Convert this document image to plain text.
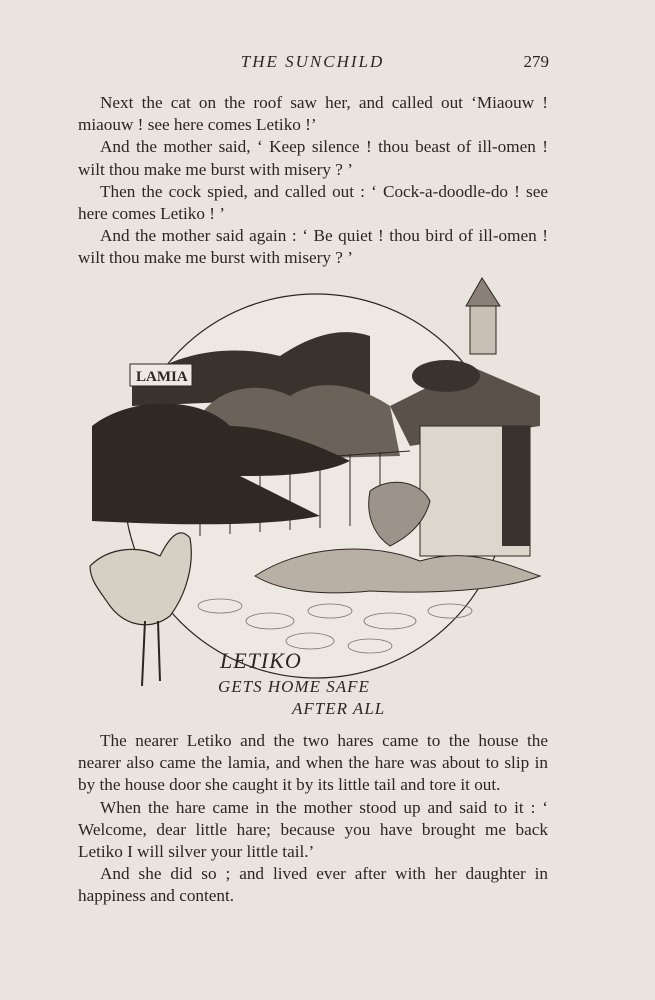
THE SUNCHILD	279

Next the cat on the roof saw her, and called out ‘Miaouw ! miaouw ! see here comes Letiko !’

And the mother said, ‘ Keep silence ! thou beast of ill-omen ! wilt thou make me burst with misery ? ’

Then the cock spied, and called out : ‘ Cock-a-doodle-do ! see here comes Letiko ! ’

And the mother said again : ‘ Be quiet ! thou bird of ill-omen ! wilt thou make me burst with misery ? ’

LAMIA
LETIKO
GETS HOME SAFE
AFTER ALL

The nearer Letiko and the two hares came to the house the nearer also came the lamia, and when the hare was about to slip in by the house door she caught it by its little tail and tore it out.

When the hare came in the mother stood up and said to it : ‘ Welcome, dear little hare; because you have brought me back Letiko I will silver your little tail.’

And she did so ; and lived ever after with her daughter in happiness and content.
